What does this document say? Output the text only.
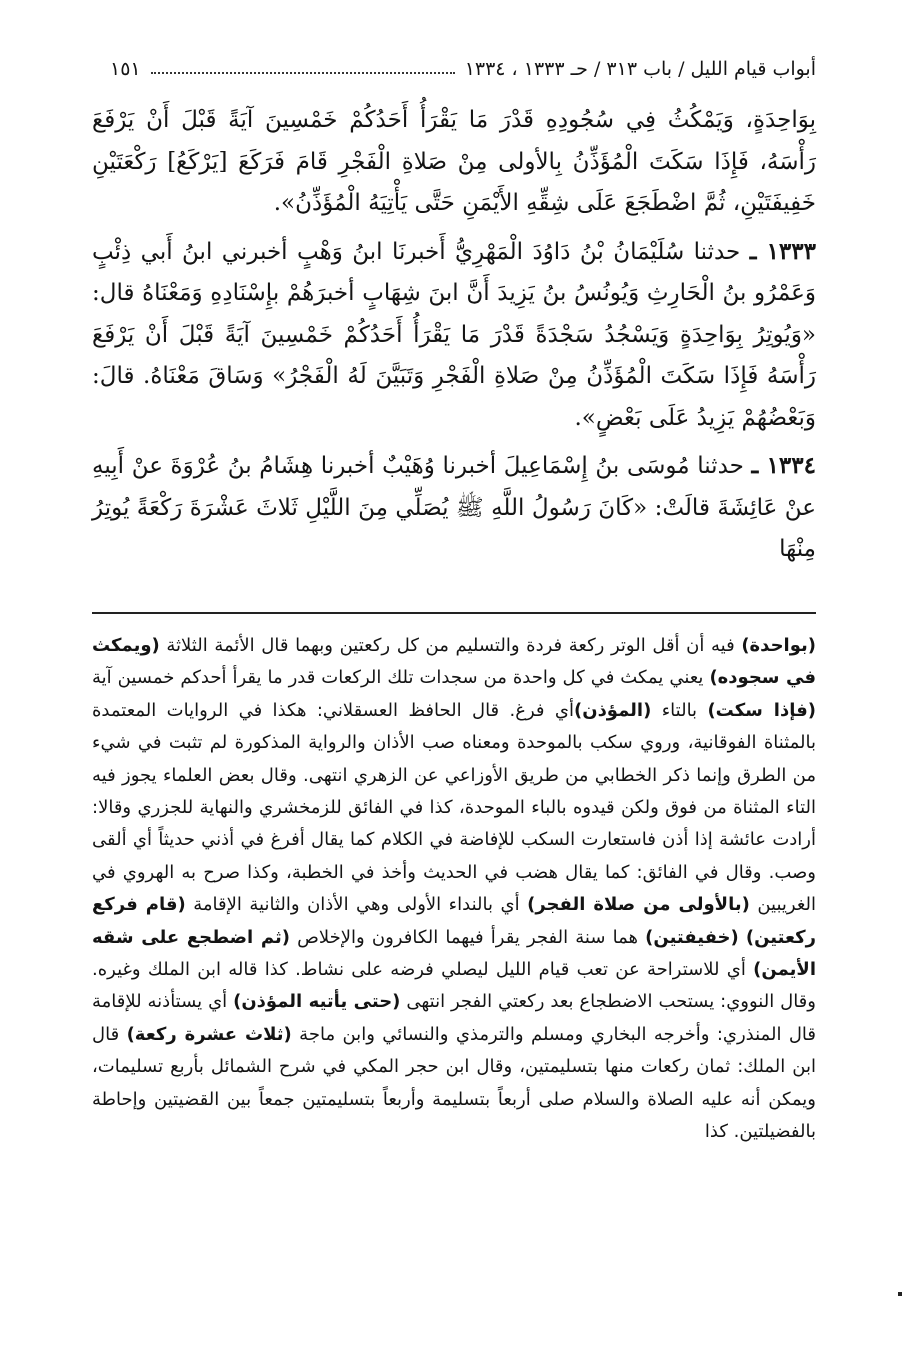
أبواب قيام الليل / باب ٣١٣ / حـ ١٣٣٣ ، ١٣٣٤
١٥١

بِوَاحِدَةٍ، وَيَمْكُثُ فِي سُجُودِهِ قَدْرَ مَا يَقْرَأُ أَحَدُكُمْ خَمْسِينَ آيَةً قَبْلَ أَنْ يَرْفَعَ رَأْسَهُ، فَإِذَا سَكَتَ الْمُؤَذِّنُ بِالأولى مِنْ صَلاةِ الْفَجْرِ قَامَ فَرَكَعَ [يَرْكَعُ] رَكْعَتَيْنِ خَفِيفَتَيْنِ، ثُمَّ اضْطَجَعَ عَلَى شِقِّهِ الأَيْمَنِ حَتَّى يَأْتِيَهُ الْمُؤَذِّنُ».

١٣٣٣ ـ حدثنا سُلَيْمَانُ بْنُ دَاوُدَ الْمَهْرِيُّ أَخبرنَا ابنُ وَهْبٍ أخبرني ابنُ أَبي ذِئْبٍ وَعَمْرُو بنُ الْحَارِثِ وَيُونُسُ بنُ يَزِيدَ أَنَّ ابنَ شِهَابٍ أخبرَهُمْ بإِسْنَادِهِ وَمَعْنَاهُ قال: «وَيُوتِرُ بِوَاحِدَةٍ وَيَسْجُدُ سَجْدَةً قَدْرَ مَا يَقْرَأُ أَحَدُكُمْ خَمْسِينَ آيَةً قَبْلَ أَنْ يَرْفَعَ رَأْسَهُ فَإِذَا سَكَتَ الْمُؤَذِّنُ مِنْ صَلاةِ الْفَجْرِ وَتَبَيَّنَ لَهُ الْفَجْرُ» وَسَاقَ مَعْنَاهُ. قالَ: وَبَعْضُهُمْ يَزِيدُ عَلَى بَعْضٍ».

١٣٣٤ ـ حدثنا مُوسَى بنُ إِسْمَاعِيلَ أخبرنا وُهَيْبٌ أخبرنا هِشَامُ بنُ عُرْوَةَ عنْ أَبِيهِ عنْ عَائِشَةَ قالَتْ: «كَانَ رَسُولُ اللَّهِ ﷺ يُصَلِّي مِنَ اللَّيْلِ ثَلاثَ عَشْرَةَ رَكْعَةً يُوتِرُ مِنْهَا

(بواحدة) فيه أن أقل الوتر ركعة فردة والتسليم من كل ركعتين وبهما قال الأئمة الثلاثة (ويمكث في سجوده) يعني يمكث في كل واحدة من سجدات تلك الركعات قدر ما يقرأ أحدكم خمسين آية (فإذا سكت) بالتاء (المؤذن)أي فرغ. قال الحافظ العسقلاني: هكذا في الروايات المعتمدة بالمثناة الفوقانية، وروي سكب بالموحدة ومعناه صب الأذان والرواية المذكورة لم تثبت في شيء من الطرق وإنما ذكر الخطابي من طريق الأوزاعي عن الزهري انتهى. وقال بعض العلماء يجوز فيه التاء المثناة من فوق ولكن قيدوه بالباء الموحدة، كذا في الفائق للزمخشري والنهاية للجزري وقالا: أرادت عائشة إذا أذن فاستعارت السكب للإفاضة في الكلام كما يقال أفرغ في أذني حديثاً أي ألقى وصب. وقال في الفائق: كما يقال هضب في الحديث وأخذ في الخطبة، وكذا صرح به الهروي في الغريبين (بالأولى من صلاة الفجر) أي بالنداء الأولى وهي الأذان والثانية الإقامة (قام فركع ركعتين) (خفيفتين) هما سنة الفجر يقرأ فيهما الكافرون والإخلاص (ثم اضطجع على شقه الأيمن) أي للاستراحة عن تعب قيام الليل ليصلي فرضه على نشاط. كذا قاله ابن الملك وغيره. وقال النووي: يستحب الاضطجاع بعد ركعتي الفجر انتهى (حتى يأتيه المؤذن) أي يستأذنه للإقامة قال المنذري: وأخرجه البخاري ومسلم والترمذي والنسائي وابن ماجة (ثلاث عشرة ركعة) قال ابن الملك: ثمان ركعات منها بتسليمتين، وقال ابن حجر المكي في شرح الشمائل بأربع تسليمات، ويمكن أنه عليه الصلاة والسلام صلى أربعاً بتسليمة وأربعاً بتسليمتين جمعاً بين القضيتين وإحاطة بالفضيلتين. كذا
